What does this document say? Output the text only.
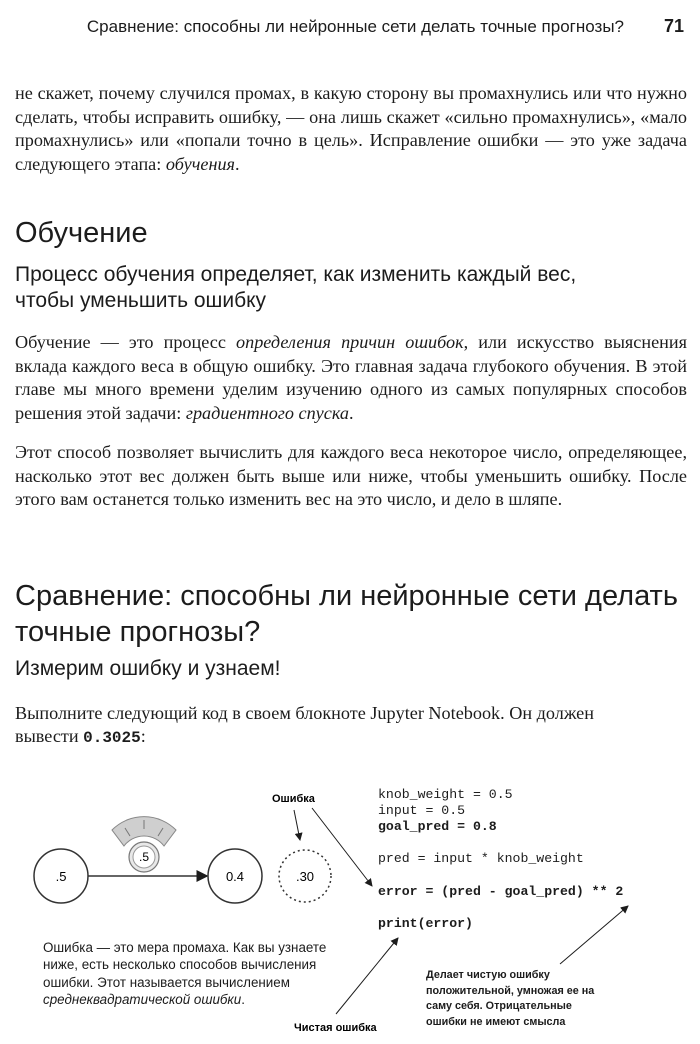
Сравнение: способны ли нейронные сети делать точные прогнозы? 71

не скажет, почему случился промах, в какую сторону вы промахнулись или что нужно сделать, чтобы исправить ошибку, — она лишь скажет «сильно промахнулись», «мало промахнулись» или «попали точно в цель». Исправление ошибки — это уже задача следующего этапа: обучения.

Обучение
Процесс обучения определяет, как изменить каждый вес,
чтобы уменьшить ошибку

Обучение — это процесс определения причин ошибок, или искусство выяснения вклада каждого веса в общую ошибку. Это главная задача глубокого обучения. В этой главе мы много времени уделим изучению одного из самых популярных способов решения этой задачи: градиентного спуска.

Этот способ позволяет вычислить для каждого веса некоторое число, определяющее, насколько этот вес должен быть выше или ниже, чтобы уменьшить ошибку. После этого вам останется только изменить вес на это число, и дело в шляпе.

Сравнение: способны ли нейронные сети делать
точные прогнозы?
Измерим ошибку и узнаем!
Выполните следующий код в своем блокноте Jupyter Notebook. Он должен
вывести 0.3025:
.5	0.4	.30
.5
Ошибка
Чистая ошибка
knob_weight = 0.5
input = 0.5
goal_pred = 0.8
pred = input * knob_weight
error = (pred - goal_pred) ** 2
print(error)
Ошибка — это мера промаха. Как вы узнаете ниже, есть несколько способов вычисления ошибки. Этот называется вычислением среднеквадратической ошибки.
Делает чистую ошибку положительной, умножая ее на саму себя. Отрицательные ошибки не имеют смысла
